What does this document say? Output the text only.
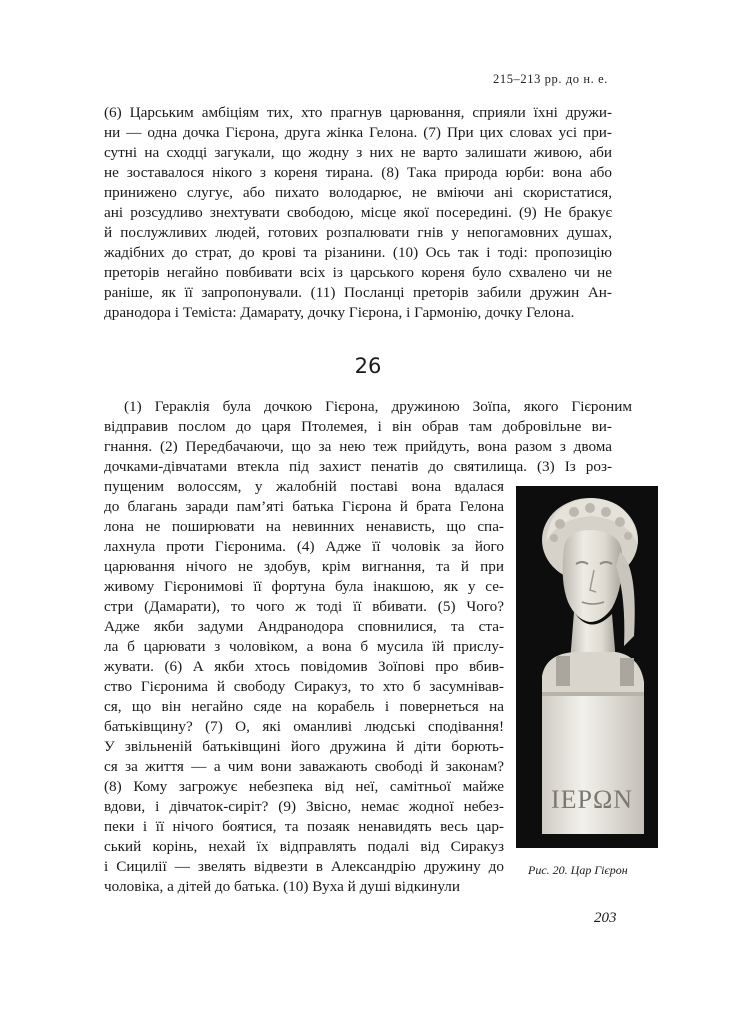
215–213 рр. до н. е.
(6) Царським амбіціям тих, хто прагнув царювання, сприяли їхні дружи-
ни — одна дочка Гієрона, друга жінка Гелона. (7) При цих словах усі при-
сутні на сходці загукали, що жодну з них не варто залишати живою, аби
не зоставалося нікого з кореня тирана. (8) Така природа юрби: вона або
принижено слугує, або пихато володарює, не вміючи ані скористатися,
ані розсудливо знехтувати свободою, місце якої посередині. (9) Не бракує
й послужливих людей, готових розпалювати гнів у непогамовних душах,
жадібних до страт, до крові та різанини. (10) Ось так і тоді: пропозицію
преторів негайно повбивати всіх із царського кореня було схвалено чи не
раніше, як її запропонували. (11) Посланці преторів забили дружин Ан-
дранодора і Теміста: Дамарату, дочку Гієрона, і Гармонію, дочку Гелона.
26
(1) Гераклія була дочкою Гієрона, дружиною Зоїпа, якого Гієроним
відправив послом до царя Птолемея, і він обрав там добровільне ви-
гнання. (2) Передбачаючи, що за нею теж прийдуть, вона разом з двома
дочками-дівчатами втекла під захист пенатів до святилища. (3) Із роз-
пущеним волоссям, у жалобній поставі вона вдалася
до благань заради пам’яті батька Гієрона й брата Гелона
лона не поширювати на невинних ненависть, що спа-
лахнула проти Гієронима. (4) Адже її чоловік за його
царювання нічого не здобув, крім вигнання, та й при
живому Гієронимові її фортуна була інакшою, як у се-
стри (Дамарати), то чого ж тоді її вбивати. (5) Чого?
Адже якби задуми Андранодора сповнилися, та ста-
ла б царювати з чоловіком, а вона б мусила їй прислу-
жувати. (6) А якби хтось повідомив Зоїпові про вбив-
ство Гієронима й свободу Сиракуз, то хто б засумнівав-
ся, що він негайно сяде на корабель і повернеться на
батьківщину? (7) О, які оманливі людські сподівання!
У звільненій батьківщині його дружина й діти борють-
ся за життя — а чим вони заважають свободі й законам?
(8) Кому загрожує небезпека від неї, самітньої майже
вдови, і дівчаток-сиріт? (9) Звісно, немає жодної небез-
пеки і її нічого боятися, та позаяк ненавидять весь цар-
ський корінь, нехай їх відправлять подалі від Сиракуз
і Сицилії — звелять відвезти в Александрію дружину до
чоловіка, а дітей до батька. (10) Вуха й душі відкинули
ΙΕΡΩΝ
Рис. 20. Цар Гієрон
203
